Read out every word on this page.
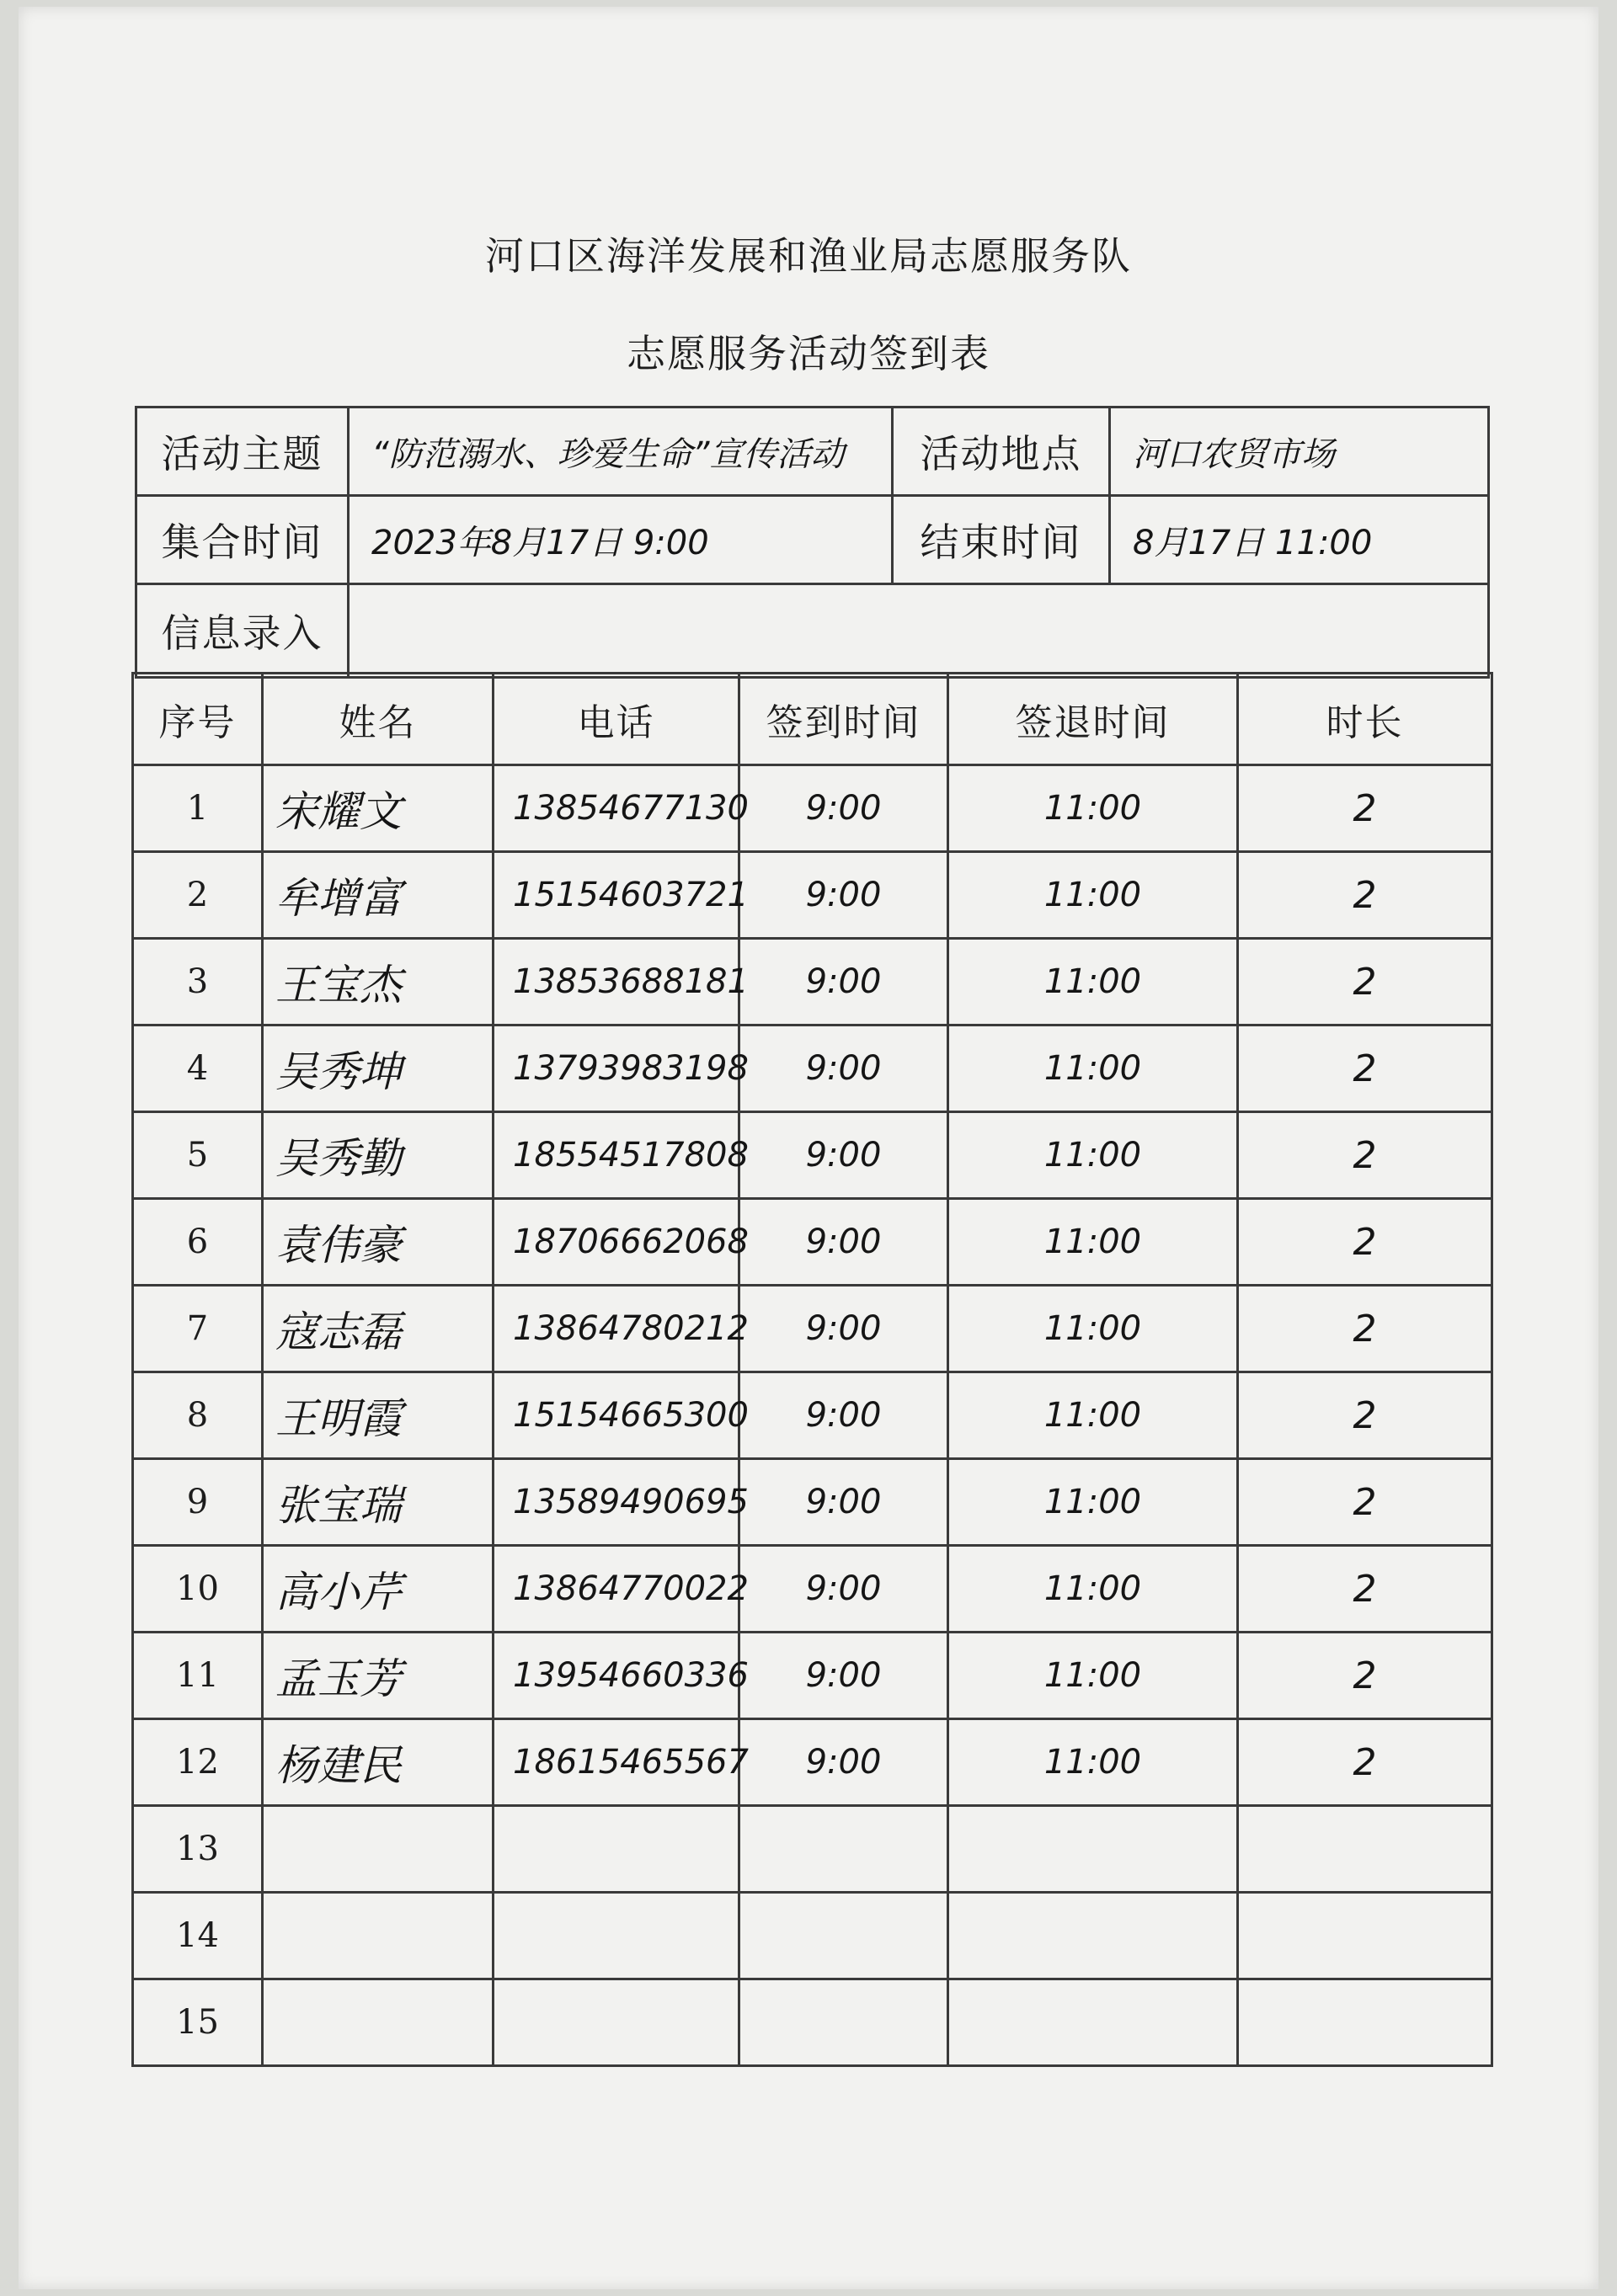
河口区海洋发展和渔业局志愿服务队
志愿服务活动签到表
活动主题	“防范溺水、珍爱生命”宣传活动	活动地点	河口农贸市场
集合时间	2023年8月17日 9:00	结束时间	8月17日 11:00
信息录入			
序号	姓名	电话	签到时间	签退时间	时长
1	宋耀文	13854677130	9:00	11:00	2
2	牟增富	15154603721	9:00	11:00	2
3	王宝杰	13853688181	9:00	11:00	2
4	吴秀坤	13793983198	9:00	11:00	2
5	吴秀勤	18554517808	9:00	11:00	2
6	袁伟豪	18706662068	9:00	11:00	2
7	寇志磊	13864780212	9:00	11:00	2
8	王明霞	15154665300	9:00	11:00	2
9	张宝瑞	13589490695	9:00	11:00	2
10	高小芹	13864770022	9:00	11:00	2
11	孟玉芳	13954660336	9:00	11:00	2
12	杨建民	18615465567	9:00	11:00	2
13					
14					
15					
